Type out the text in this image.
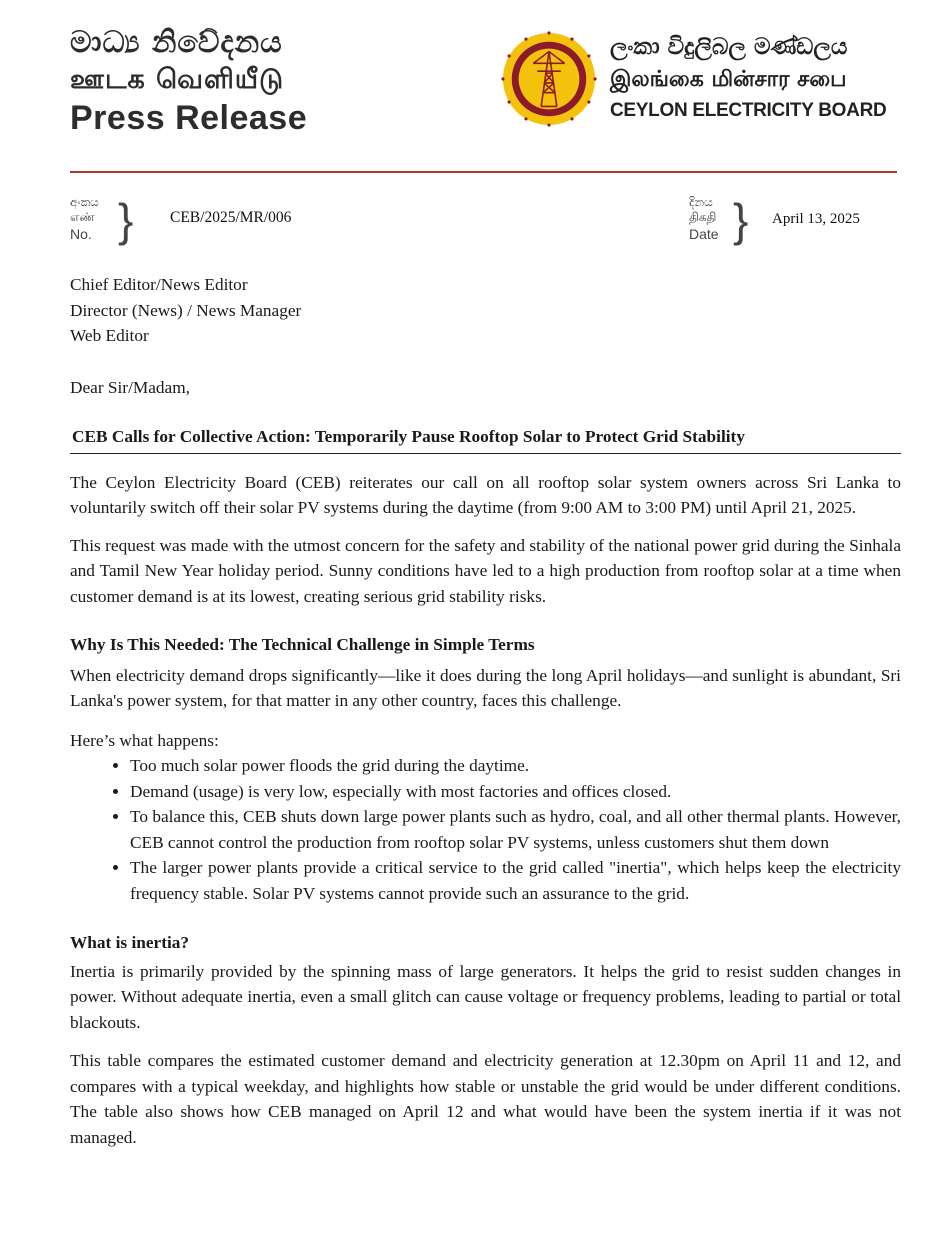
මාධ්‍ය නිවේදනය
ஊடக வெளியீடு
Press Release
ලංකා විදුලිබල මණ්ඩලය
இலங்கை மின்சார சபை
CEYLON ELECTRICITY BOARD
අංකය
எண்
No. } CEB/2025/MR/006
දිනය
திகதி
Date } April 13, 2025

Chief Editor/News Editor

Director (News) / News Manager

Web Editor

Dear Sir/Madam,

CEB Calls for Collective Action: Temporarily Pause Rooftop Solar to Protect Grid Stability

The Ceylon Electricity Board (CEB) reiterates our call on all rooftop solar system owners across Sri Lanka to voluntarily switch off their solar PV systems during the daytime (from 9:00 AM to 3:00 PM) until April 21, 2025.

This request was made with the utmost concern for the safety and stability of the national power grid during the Sinhala and Tamil New Year holiday period. Sunny conditions have led to a high production from rooftop solar at a time when customer demand is at its lowest, creating serious grid stability risks.

Why Is This Needed: The Technical Challenge in Simple Terms

When electricity demand drops significantly—like it does during the long April holidays—and sunlight is abundant, Sri Lanka's power system, for that matter in any other country, faces this challenge.

Here’s what happens:

• Too much solar power floods the grid during the daytime.
• Demand (usage) is very low, especially with most factories and offices closed.
• To balance this, CEB shuts down large power plants such as hydro, coal, and all other thermal plants. However, CEB cannot control the production from rooftop solar PV systems, unless customers shut them down
• The larger power plants provide a critical service to the grid called "inertia", which helps keep the electricity frequency stable. Solar PV systems cannot provide such an assurance to the grid.

What is inertia?

Inertia is primarily provided by the spinning mass of large generators. It helps the grid to resist sudden changes in power. Without adequate inertia, even a small glitch can cause voltage or frequency problems, leading to partial or total blackouts.

This table compares the estimated customer demand and electricity generation at 12.30pm on April 11 and 12, and compares with a typical weekday, and highlights how stable or unstable the grid would be under different conditions. The table also shows how CEB managed on April 12 and what would have been the system inertia if it was not managed.
